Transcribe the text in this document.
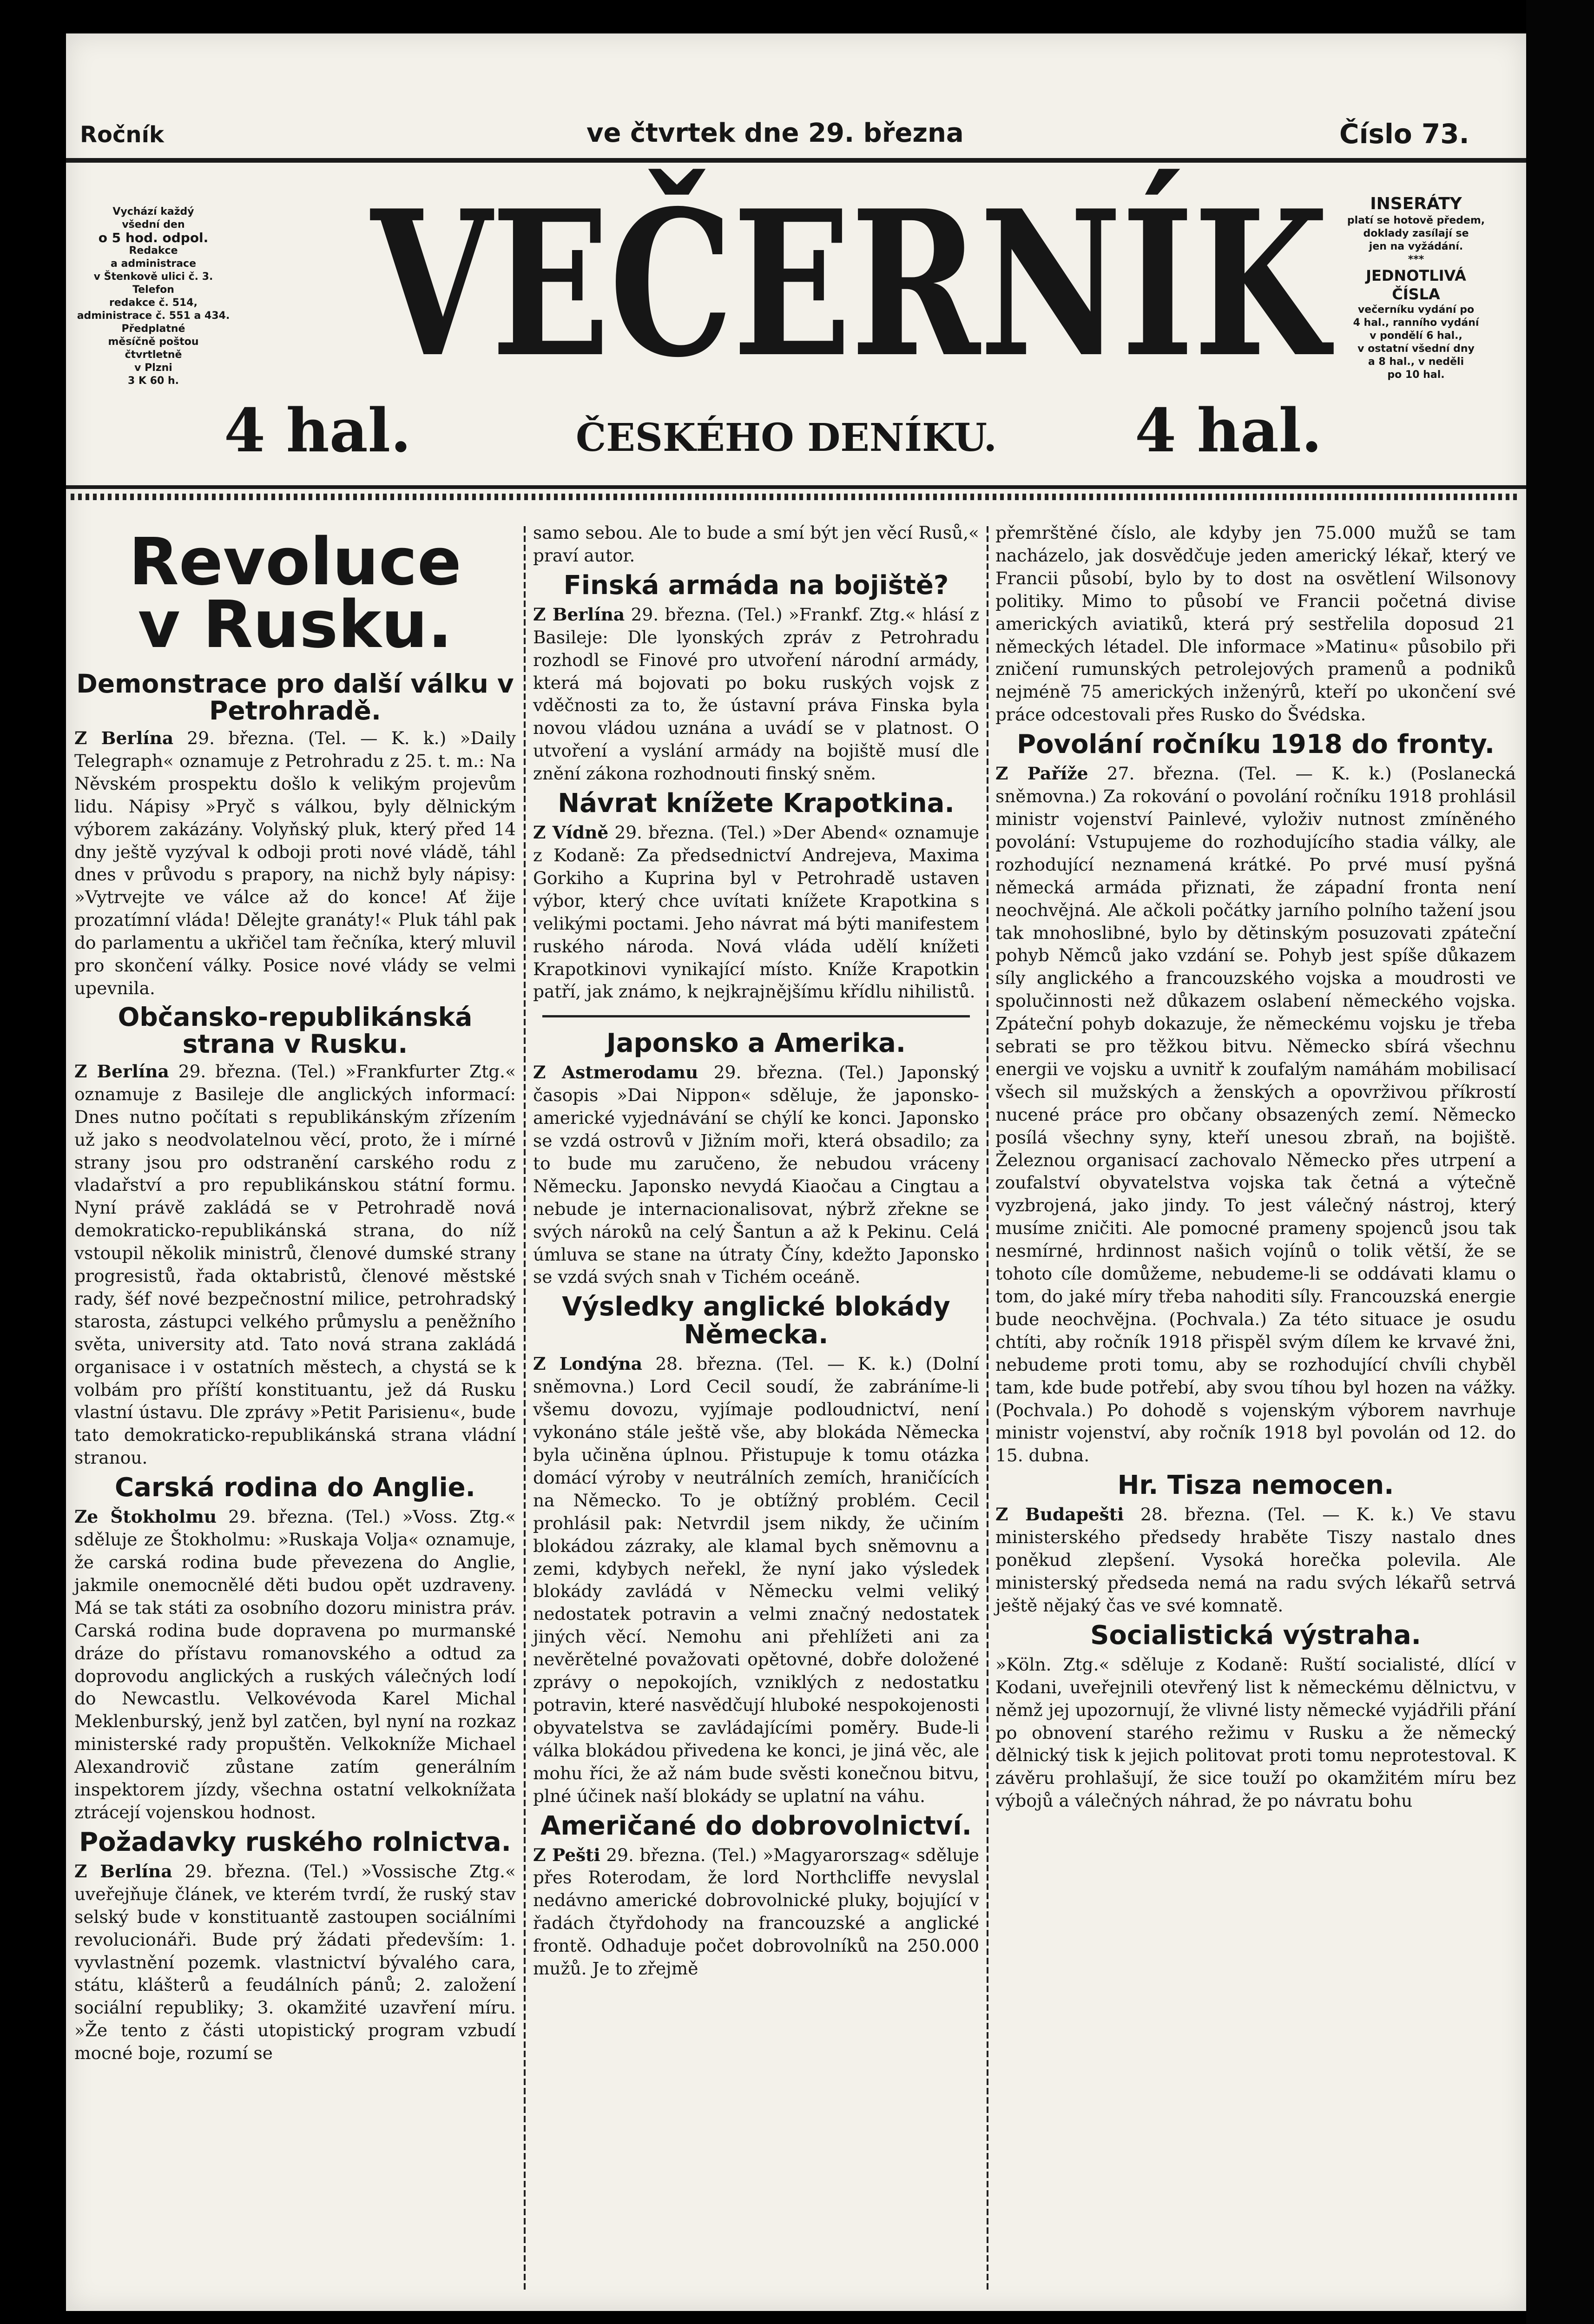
Ročník	ve čtvrtek dne 29. března	Číslo 73.
Vychází každý
všední den
o 5 hod. odpol.
Redakce
a administrace
v Štenkově ulici č. 3.
Telefon
redakce č. 514,
administrace č. 551 a 434.
Předplatné
měsíčně poštou
čtvrtletně
v Plzni
3 K 60 h. VEČERNÍK
4 hal.	ČESKÉHO DENÍKU.	4 hal.
INSERÁTY
platí se hotově předem,
doklady zasílají se
jen na vyžádání.
***
JEDNOTLIVÁ
ČÍSLA
večerníku vydání po
4 hal., ranního vydání
v pondělí 6 hal.,
v ostatní všední dny
a 8 hal., v neděli
po 10 hal.
Revoluce
v Rusku.
Demonstrace pro další válku v Petrohradě.

Z Berlína 29. března. (Tel. — K. k.) »Daily Telegraph« oznamuje z Petrohradu z 25. t. m.: Na Něvském prospektu došlo k velikým projevům lidu. Nápisy »Pryč s válkou, byly dělnickým výborem zakázány. Volyňský pluk, který před 14 dny ještě vyzýval k odboji proti nové vládě, táhl dnes v průvodu s prapory, na nichž byly nápisy: »Vytrvejte ve válce až do konce! Ať žije prozatímní vláda! Dělejte granáty!« Pluk táhl pak do parlamentu a ukřičel tam řečníka, který mluvil pro skončení války. Posice nové vlády se velmi upevnila.

Občansko-republikánská strana v Rusku.

Z Berlína 29. března. (Tel.) »Frankfurter Ztg.« oznamuje z Basileje dle anglických informací: Dnes nutno počítati s republikánským zřízením už jako s neodvolatelnou věcí, proto, že i mírné strany jsou pro odstranění carského rodu z vladařství a pro republikánskou státní formu. Nyní právě zakládá se v Petrohradě nová demokraticko-republikánská strana, do níž vstoupil několik ministrů, členové dumské strany progresistů, řada oktabristů, členové městské rady, šéf nové bezpečnostní milice, petrohradský starosta, zástupci velkého průmyslu a peněžního světa, university atd. Tato nová strana zakládá organisace i v ostatních městech, a chystá se k volbám pro příští konstituantu, jež dá Rusku vlastní ústavu. Dle zprávy »Petit Parisienu«, bude tato demokraticko-republikánská strana vládní stranou.

Carská rodina do Anglie.

Ze Štokholmu 29. března. (Tel.) »Voss. Ztg.« sděluje ze Štokholmu: »Ruskaja Volja« oznamuje, že carská rodina bude převezena do Anglie, jakmile onemocnělé děti budou opět uzdraveny. Má se tak státi za osobního dozoru ministra práv. Carská rodina bude dopravena po murmanské dráze do přístavu romanovského a odtud za doprovodu anglických a ruských válečných lodí do Newcastlu. Velkovévoda Karel Michal Meklenburský, jenž byl zatčen, byl nyní na rozkaz ministerské rady propuštěn. Velkokníže Michael Alexandrovič zůstane zatím generálním inspektorem jízdy, všechna ostatní velkoknížata ztrácejí vojenskou hodnost.

Požadavky ruského rolnictva.

Z Berlína 29. března. (Tel.) »Vossische Ztg.« uveřejňuje článek, ve kterém tvrdí, že ruský stav selský bude v konstituantě zastoupen sociálními revolucionáři. Bude prý žádati především: 1. vyvlastnění pozemk. vlastnictví bývalého cara, státu, klášterů a feudálních pánů; 2. založení sociální republiky; 3. okamžité uzavření míru. »Že tento z části utopistický program vzbudí mocné boje, rozumí se

samo sebou. Ale to bude a smí být jen věcí Rusů,« praví autor.

Finská armáda na bojiště?

Z Berlína 29. března. (Tel.) »Frankf. Ztg.« hlásí z Basileje: Dle lyonských zpráv z Petrohradu rozhodl se Finové pro utvoření národní armády, která má bojovati po boku ruských vojsk z vděčnosti za to, že ústavní práva Finska byla novou vládou uznána a uvádí se v platnost. O utvoření a vyslání armády na bojiště musí dle znění zákona rozhodnouti finský sněm.

Návrat knížete Krapotkina.

Z Vídně 29. března. (Tel.) »Der Abend« oznamuje z Kodaně: Za předsednictví Andrejeva, Maxima Gorkiho a Kuprina byl v Petrohradě ustaven výbor, který chce uvítati knížete Krapotkina s velikými poctami. Jeho návrat má býti manifestem ruského národa. Nová vláda udělí knížeti Krapotkinovi vynikající místo. Kníže Krapotkin patří, jak známo, k nejkrajnějšímu křídlu nihilistů.

Japonsko a Amerika.

Z Astmerodamu 29. března. (Tel.) Japonský časopis »Dai Nippon« sděluje, že japonsko-americké vyjednávání se chýlí ke konci. Japonsko se vzdá ostrovů v Jižním moři, která obsadilo; za to bude mu zaručeno, že nebudou vráceny Německu. Japonsko nevydá Kiaočau a Cingtau a nebude je internacionalisovat, nýbrž zřekne se svých nároků na celý Šantun a až k Pekinu. Celá úmluva se stane na útraty Číny, kdežto Japonsko se vzdá svých snah v Tichém oceáně.

Výsledky anglické blokády Německa.

Z Londýna 28. března. (Tel. — K. k.) (Dolní sněmovna.) Lord Cecil soudí, že zabráníme-li všemu dovozu, vyjímaje podloudnictví, není vykonáno stále ještě vše, aby blokáda Německa byla učiněna úplnou. Přistupuje k tomu otázka domácí výroby v neutrálních zemích, hraničících na Německo. To je obtížný problém. Cecil prohlásil pak: Netvrdil jsem nikdy, že učiním blokádou zázraky, ale klamal bych sněmovnu a zemi, kdybych neřekl, že nyní jako výsledek blokády zavládá v Německu velmi veliký nedostatek potravin a velmi značný nedostatek jiných věcí. Nemohu ani přehlížeti ani za nevěrětelné považovati opětovné, dobře doložené zprávy o nepokojích, vzniklých z nedostatku potravin, které nasvědčují hluboké nespokojenosti obyvatelstva se zavládajícími poměry. Bude-li válka blokádou přivedena ke konci, je jiná věc, ale mohu říci, že až nám bude svěsti konečnou bitvu, plné účinek naší blokády se uplatní na váhu.

Američané do dobrovolnictví.

Z Pešti 29. března. (Tel.) »Magyarorszag« sděluje přes Roterodam, že lord Northcliffe nevyslal nedávno americké dobrovolnické pluky, bojující v řadách čtyřdohody na francouzské a anglické frontě. Odhaduje počet dobrovolníků na 250.000 mužů. Je to zřejmě

přemrštěné číslo, ale kdyby jen 75.000 mužů se tam nacházelo, jak dosvědčuje jeden americký lékař, který ve Francii působí, bylo by to dost na osvětlení Wilsonovy politiky. Mimo to působí ve Francii početná divise amerických aviatiků, která prý sestřelila doposud 21 německých létadel. Dle informace »Matinu« působilo při zničení rumunských petrolejových pramenů a podniků nejméně 75 amerických inženýrů, kteří po ukončení své práce odcestovali přes Rusko do Švédska.

Povolání ročníku 1918 do fronty.

Z Paříže 27. března. (Tel. — K. k.) (Poslanecká sněmovna.) Za rokování o povolání ročníku 1918 prohlásil ministr vojenství Painlevé, vyloživ nutnost zmíněného povolání: Vstupujeme do rozhodujícího stadia války, ale rozhodující neznamená krátké. Po prvé musí pyšná německá armáda přiznati, že západní fronta není neochvějná. Ale ačkoli počátky jarního polního tažení jsou tak mnohoslibné, bylo by dětinským posuzovati zpáteční pohyb Němců jako vzdání se. Pohyb jest spíše důkazem síly anglického a francouzského vojska a moudrosti ve spolučinnosti než důkazem oslabení německého vojska. Zpáteční pohyb dokazuje, že německému vojsku je třeba sebrati se pro těžkou bitvu. Německo sbírá všechnu energii ve vojsku a uvnitř k zoufalým namáhám mobilisací všech sil mužských a ženských a opovrživou příkrostí nucené práce pro občany obsazených zemí. Německo posílá všechny syny, kteří unesou zbraň, na bojiště. Železnou organisací zachovalo Německo přes utrpení a zoufalství obyvatelstva vojska tak četná a výtečně vyzbrojená, jako jindy. To jest válečný nástroj, který musíme zničiti. Ale pomocné prameny spojenců jsou tak nesmírné, hrdinnost našich vojínů o tolik větší, že se tohoto cíle domůžeme, nebudeme-li se oddávati klamu o tom, do jaké míry třeba nahoditi síly. Francouzská energie bude neochvějna. (Pochvala.) Za této situace je osudu chtíti, aby ročník 1918 přispěl svým dílem ke krvavé žni, nebudeme proti tomu, aby se rozhodující chvíli chyběl tam, kde bude potřebí, aby svou tíhou byl hozen na vážky. (Pochvala.) Po dohodě s vojenským výborem navrhuje ministr vojenství, aby ročník 1918 byl povolán od 12. do 15. dubna.

Hr. Tisza nemocen.

Z Budapešti 28. března. (Tel. — K. k.) Ve stavu ministerského předsedy hraběte Tiszy nastalo dnes poněkud zlepšení. Vysoká horečka polevila. Ale ministerský předseda nemá na radu svých lékařů setrvá ještě nějaký čas ve své komnatě.

Socialistická výstraha.

»Köln. Ztg.« sděluje z Kodaně: Ruští socialisté, dlící v Kodani, uveřejnili otevřený list k německému dělnictvu, v němž jej upozornují, že vlivné listy německé vyjádřili přání po obnovení starého režimu v Rusku a že německý dělnický tisk k jejich politovat proti tomu neprotestoval. K závěru prohlašují, že sice touží po okamžitém míru bez výbojů a válečných náhrad, že po návratu bohu
